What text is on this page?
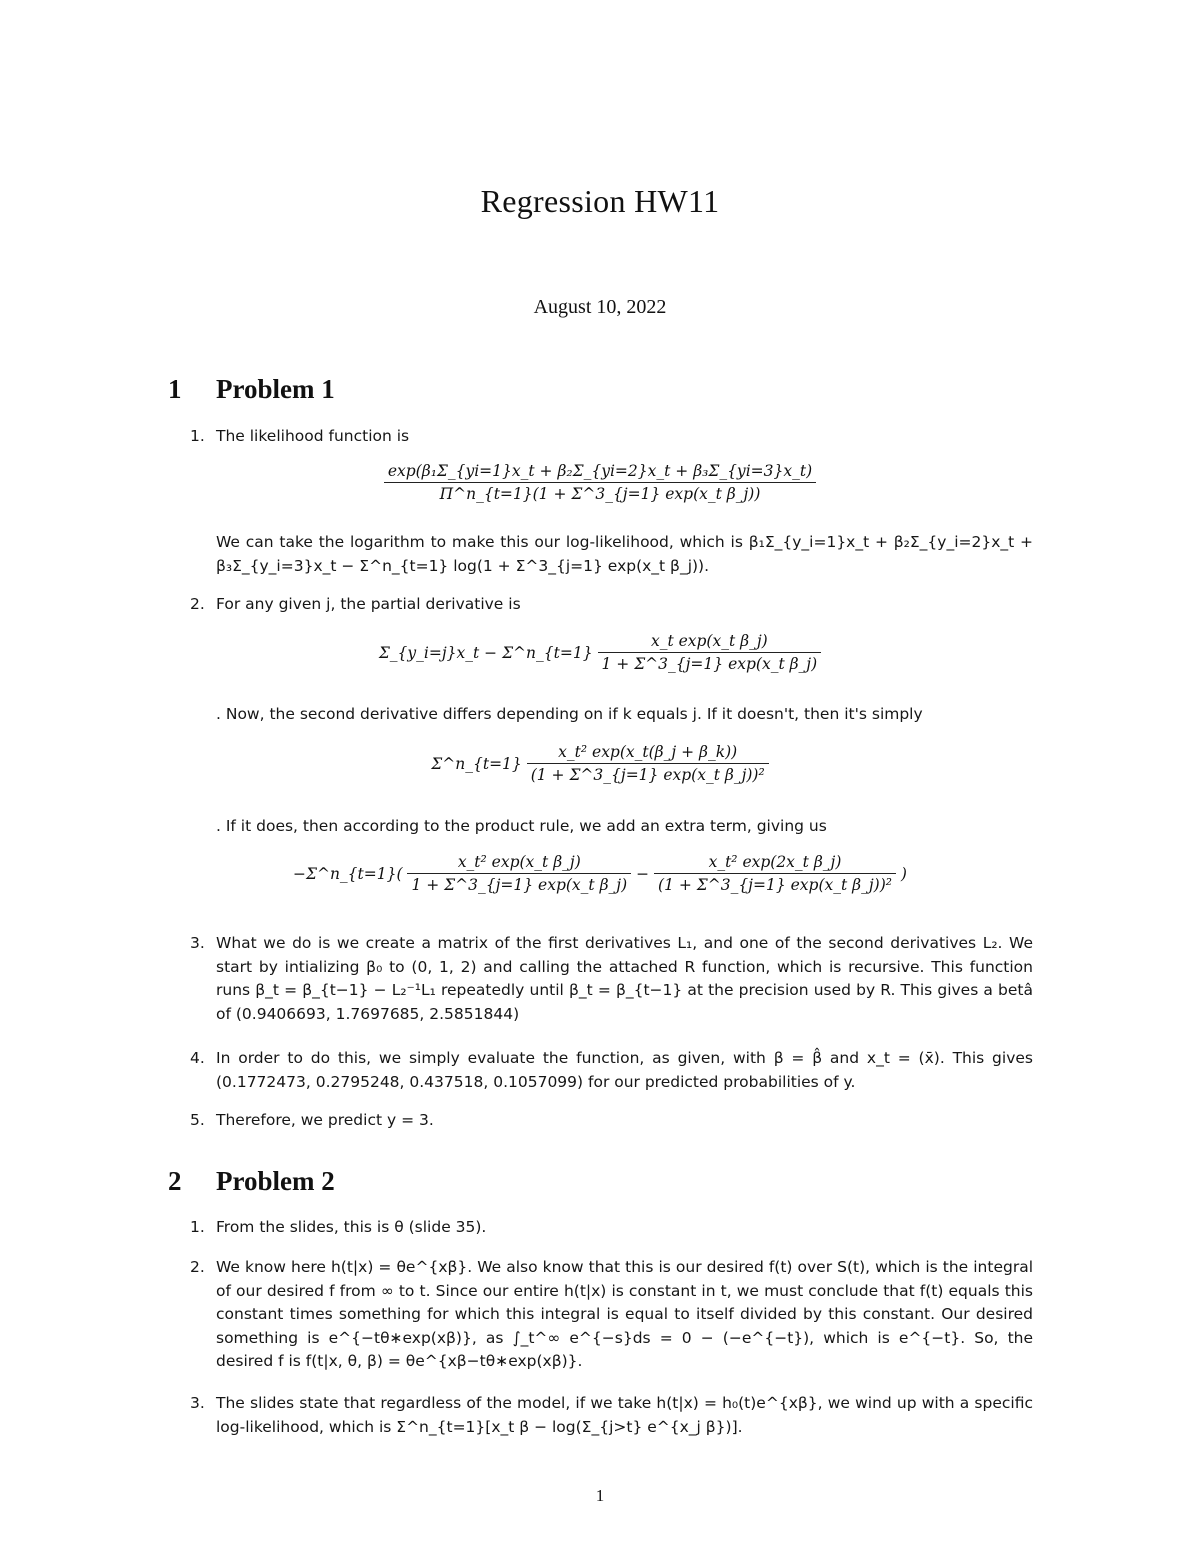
Regression HW11
August 10, 2022
1 Problem 1
1. The likelihood function is
$\frac{\text{exp(β₁Σ\_\{yi=1\}x\_t + β₂Σ\_\{yi=2\}x\_t + β₃Σ\_\{yi=3\}x\_t)}}{\text{Π\textasciicircum{}n\_\{t=1\}(1 + Σ\textasciicircum{}3\_\{j=1\} exp(x\_t β\_j))}}$
We can take the logarithm to make this our log-likelihood, which is β₁Σ_{y_i=1}x_t + β₂Σ_{y_i=2}x_t + β₃Σ_{y_i=3}x_t − Σ^n_{t=1} log(1 + Σ^3_{j=1} exp(x_t β_j)).
2. For any given j, the partial derivative is
Σ_{y_i=j}x_t − Σ^n_{t=1} $\frac{\text{x\_t exp(x\_t β\_j)}}{\text{1 + Σ\textasciicircum{}3\_\{j=1\} exp(x\_t β\_j)}}$
. Now, the second derivative differs depending on if k equals j. If it doesn't, then it's simply
Σ^n_{t=1} $\frac{\text{x\_t² exp(x\_t(β\_j + β\_k))}}{\text{(1 + Σ\textasciicircum{}3\_\{j=1\} exp(x\_t β\_j))²}}$
. If it does, then according to the product rule, we add an extra term, giving us
−Σ^n_{t=1}( $\frac{\text{x\_t² exp(x\_t β\_j)}}{\text{1 + Σ\textasciicircum{}3\_\{j=1\} exp(x\_t β\_j)}} - \frac{\text{x\_t² exp(2x\_t β\_j)}}{\text{(1 + Σ\textasciicircum{}3\_\{j=1\} exp(x\_t β\_j))²}}$ )
3. What we do is we create a matrix of the first derivatives L₁, and one of the second derivatives L₂. We start by intializing β₀ to (0, 1, 2) and calling the attached R function, which is recursive. This function runs β_t = β_{t−1} − L₂⁻¹L₁ repeatedly until β_t = β_{t−1} at the precision used by R. This gives a betâ of (0.9406693, 1.7697685, 2.5851844)
4. In order to do this, we simply evaluate the function, as given, with β = β̂ and x_t = (x̄). This gives (0.1772473, 0.2795248, 0.437518, 0.1057099) for our predicted probabilities of y.
5. Therefore, we predict y = 3.
2 Problem 2
1. From the slides, this is θ (slide 35).
2. We know here h(t|x) = θe^{xβ}. We also know that this is our desired f(t) over S(t), which is the integral of our desired f from ∞ to t. Since our entire h(t|x) is constant in t, we must conclude that f(t) equals this constant times something for which this integral is equal to itself divided by this constant. Our desired something is e^{−tθ∗exp(xβ)}, as ∫_t^∞ e^{−s}ds = 0 − (−e^{−t}), which is e^{−t}. So, the desired f is f(t|x, θ, β) = θe^{xβ−tθ∗exp(xβ)}.
3. The slides state that regardless of the model, if we take h(t|x) = h₀(t)e^{xβ}, we wind up with a specific log-likelihood, which is Σ^n_{t=1}[x_t β − log(Σ_{j>t} e^{x_j β})].
1
